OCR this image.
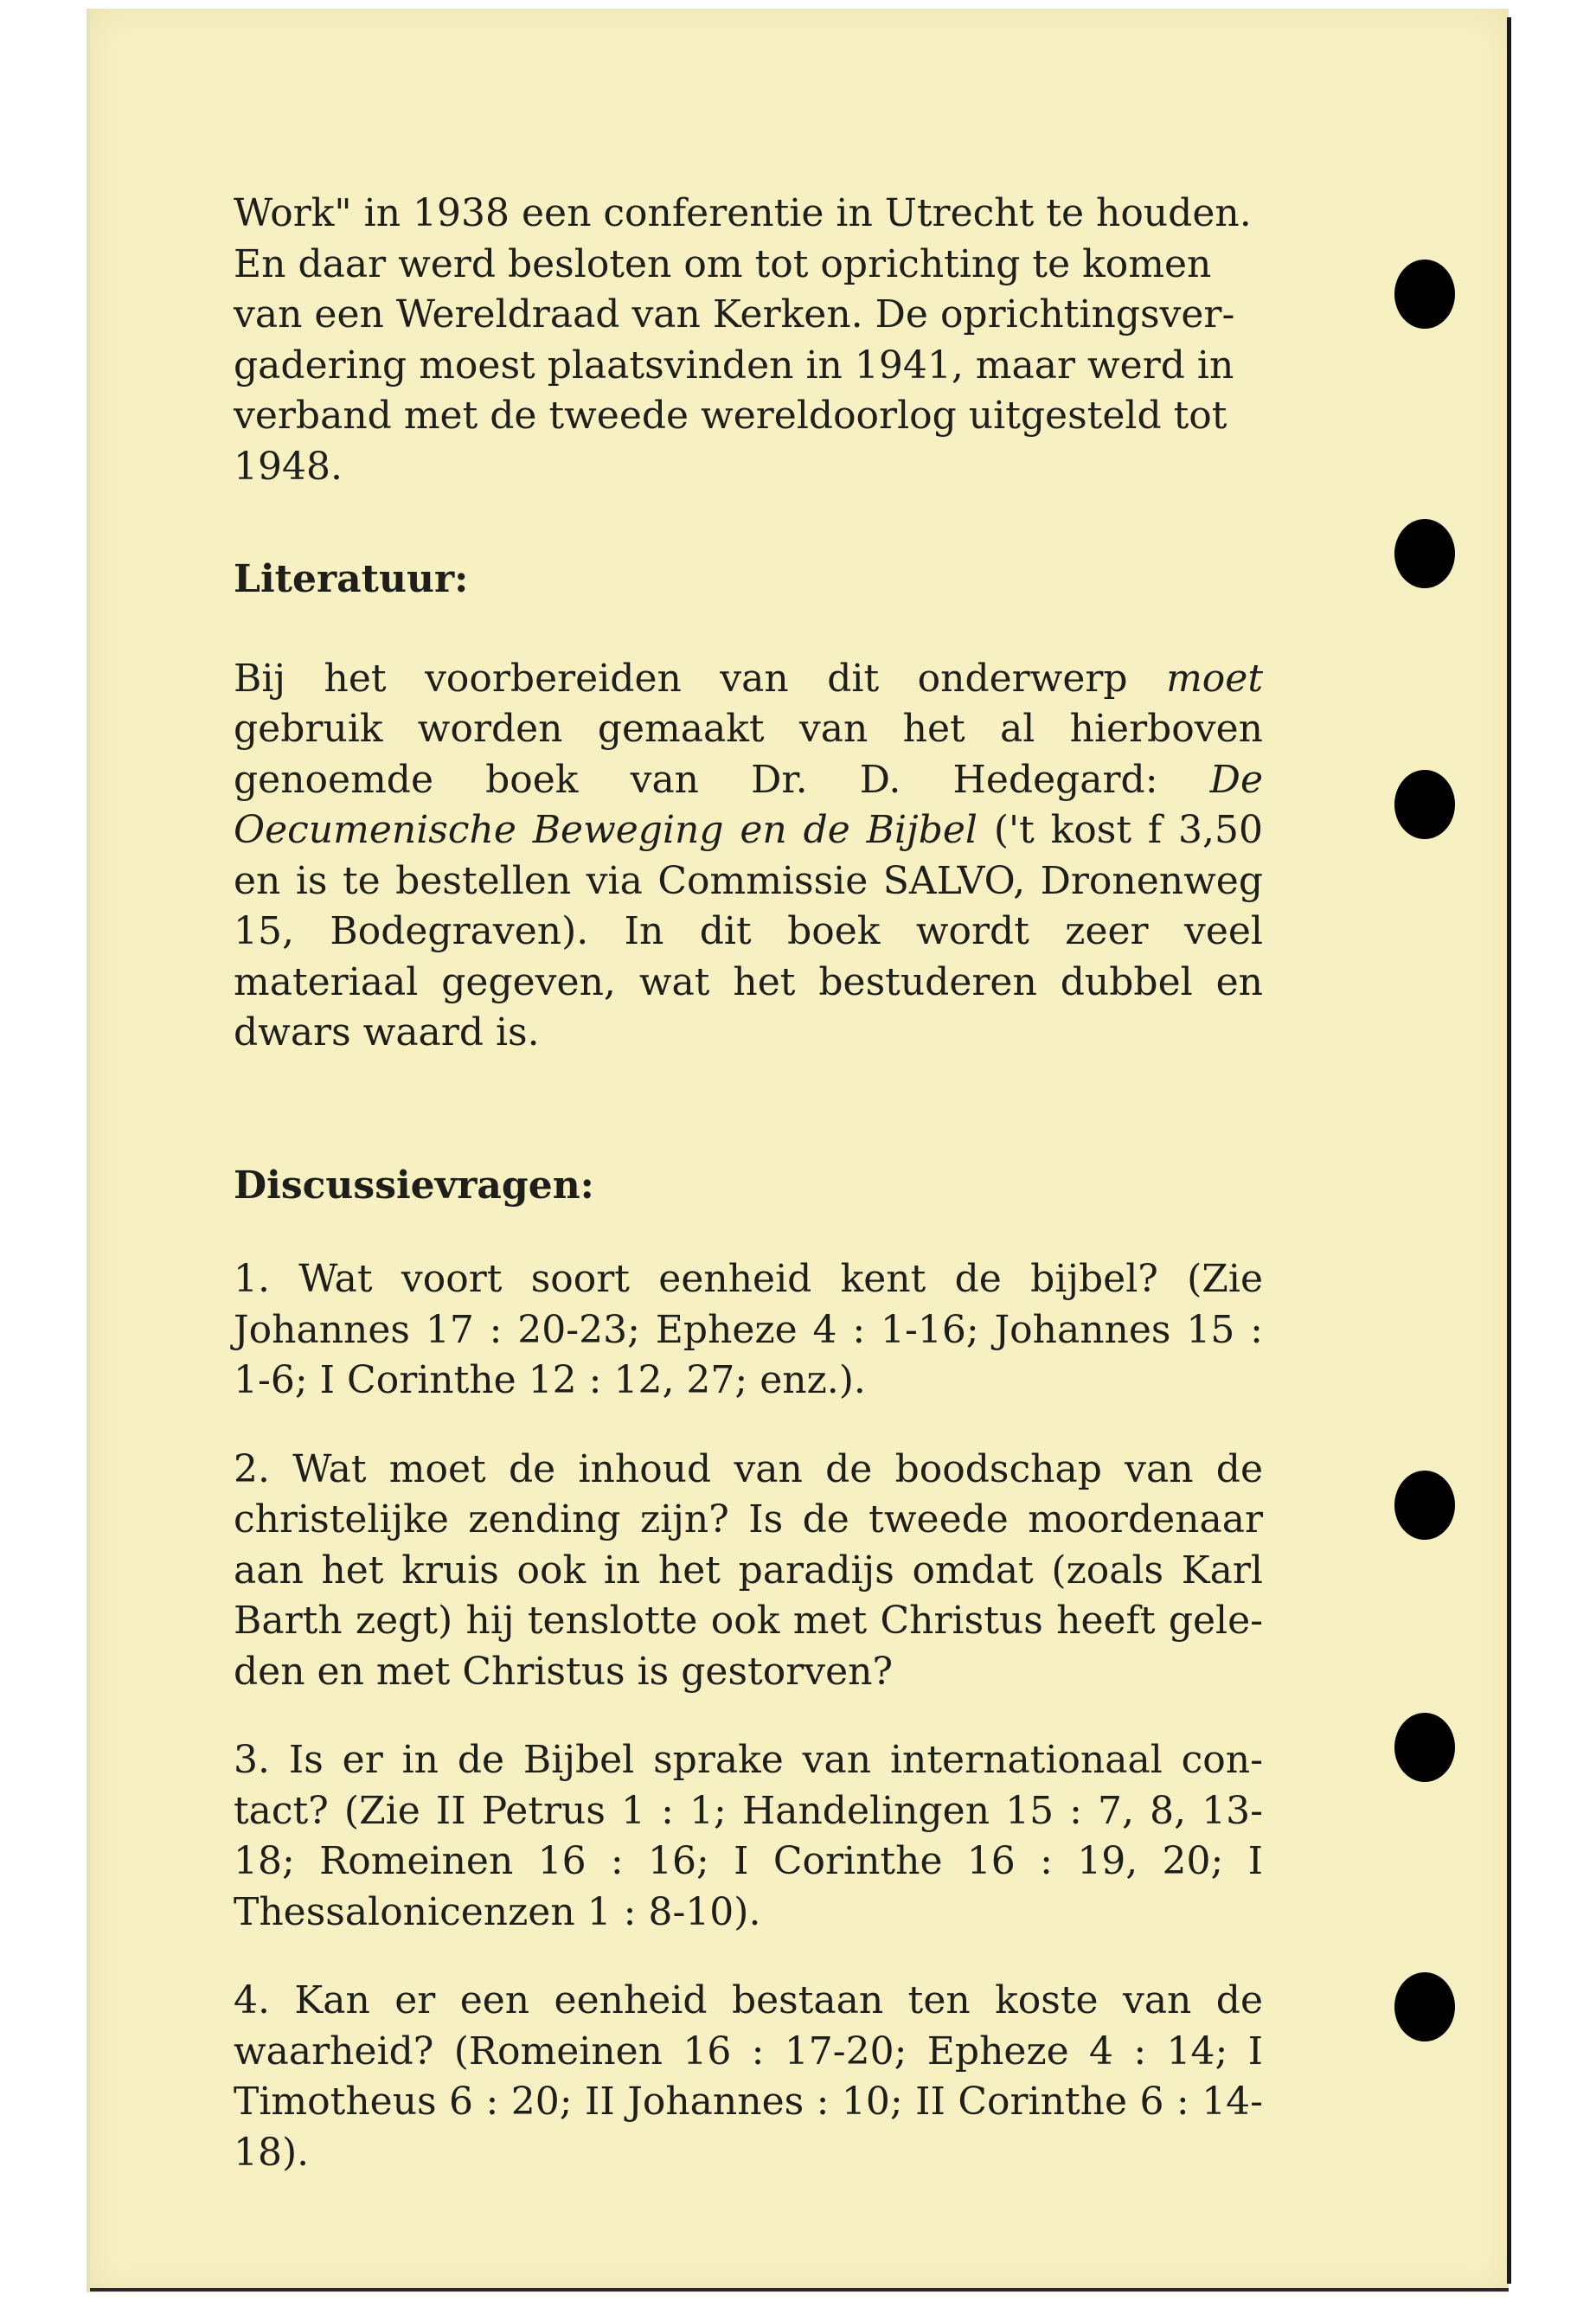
Work" in 1938 een conferentie in Utrecht te houden.
En daar werd besloten om tot oprichting te komen
van een Wereldraad van Kerken. De oprichtingsver-
gadering moest plaatsvinden in 1941, maar werd in
verband met de tweede wereldoorlog uitgesteld tot
1948.
Literatuur:

Bij het voorbereiden van dit onderwerp moet gebruik worden gemaakt van het al hierboven genoemde boek van Dr. D. Hedegard: De Oecumenische Beweging en de Bijbel ('t kost f 3,50 en is te bestellen via Commissie SALVO, Dronenweg 15, Bodegraven). In dit boek wordt zeer veel materiaal gegeven, wat het bestuderen dubbel en dwars waard is.

Discussievragen:

1. Wat voort soort eenheid kent de bijbel? (Zie Johannes 17 : 20-23; Epheze 4 : 1-16; Johannes 15 : 1-6; I Corinthe 12 : 12, 27; enz.).

2. Wat moet de inhoud van de boodschap van de christelijke zending zijn? Is de tweede moordenaar aan het kruis ook in het paradijs omdat (zoals Karl Barth zegt) hij tenslotte ook met Christus heeft gele-den en met Christus is gestorven?

3. Is er in de Bijbel sprake van internationaal con-tact? (Zie II Petrus 1 : 1; Handelingen 15 : 7, 8, 13-18; Romeinen 16 : 16; I Corinthe 16 : 19, 20; I Thessalonicenzen 1 : 8-10).

4. Kan er een eenheid bestaan ten koste van de waarheid? (Romeinen 16 : 17-20; Epheze 4 : 14; I Timotheus 6 : 20; II Johannes : 10; II Corinthe 6 : 14-18).
